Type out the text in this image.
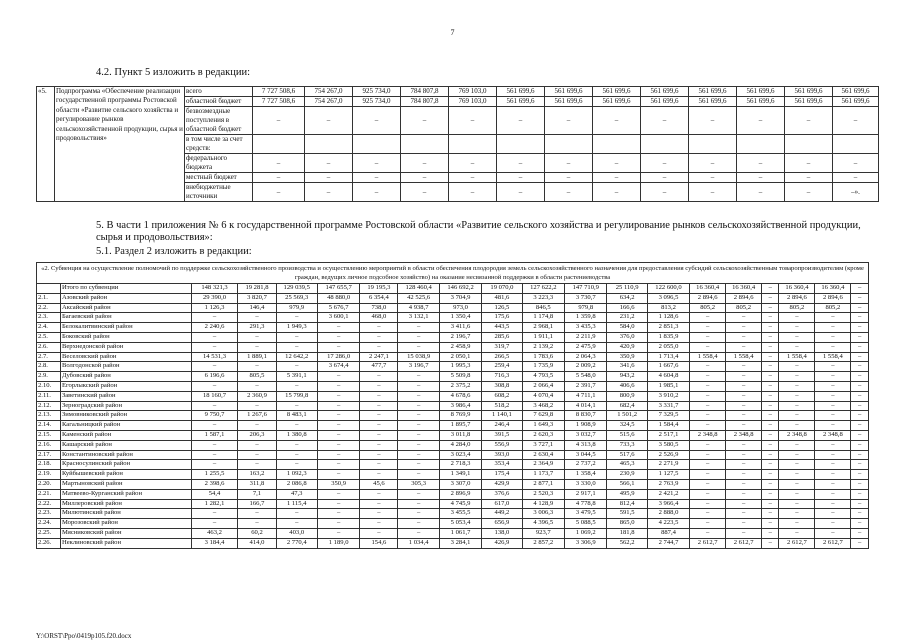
7
4.2. Пункт 5 изложить в редакции:
«5.	Подпрограмма «Обеспечение реализации государственной программы Ростовской области «Развитие сельского хозяйства и регулирование рынков сельскохозяйственной продукции, сырья и продовольствия»	всего	7 727 508,6	754 267,0	925 734,0	784 807,8	769 103,0	561 699,6	561 699,6	561 699,6	561 699,6	561 699,6	561 699,6	561 699,6	561 699,6
		областной бюджет	7 727 508,6	754 267,0	925 734,0	784 807,8	769 103,0	561 699,6	561 699,6	561 699,6	561 699,6	561 699,6	561 699,6	561 699,6	561 699,6
		безвозмездные поступления в областной бюджет	–	–	–	–	–	–	–	–	–	–	–	–	–
		в том числе за счет средств:													
		федерального бюджета	–	–	–	–	–	–	–	–	–	–	–	–	–
		местный бюджет	–	–	–	–	–	–	–	–	–	–	–	–	–
		внебюджетные источники	–	–	–	–	–	–	–	–	–	–	–	–	–».
5. В части 1 приложения № 6 к государственной программе Ростовской области «Развитие сельского хозяйства и регулирование рынков сельскохозяйственной продукции, сырья и продовольствия»:
5.1. Раздел 2 изложить в редакции:
«2. Субвенция на осуществление полномочий по поддержке сельскохозяйственного производства и осуществлению мероприятий в области обеспечения плодородия земель сельскохозяйственного назначения для предоставления субсидий сельскохозяйственным товаропроизводителям (кроме граждан, ведущих личное подсобное хозяйство) на оказание несвязанной поддержки в области растениеводства																			
	Итого по субвенции	148 321,3	19 281,8	129 039,5	147 655,7	19 195,3	128 460,4	146 692,2	19 070,0	127 622,2	147 710,9	25 110,9	122 600,0	16 360,4	16 360,4	–	16 360,4	16 360,4	–
2.1.	Азовский район	29 390,0	3 820,7	25 569,3	48 880,0	6 354,4	42 525,6	3 704,9	481,6	3 223,3	3 730,7	634,2	3 096,5	2 894,6	2 894,6	–	2 894,6	2 894,6	–
2.2.	Аксайский район	1 126,3	146,4	979,9	5 676,7	738,0	4 938,7	973,0	126,5	846,5	979,8	166,6	813,2	805,2	805,2	–	805,2	805,2	–
2.3.	Багаевский район	–	–	–	3 600,1	468,0	3 132,1	1 350,4	175,6	1 174,8	1 359,8	231,2	1 128,6	–	–	–	–	–	–
2.4.	Белокалитвинский район	2 240,6	291,3	1 949,3	–	–	–	3 411,6	443,5	2 968,1	3 435,3	584,0	2 851,3	–	–	–	–	–	–
2.5.	Боковский район	–	–	–	–	–	–	2 196,7	285,6	1 911,1	2 211,9	376,0	1 835,9	–	–	–	–	–	–
2.6.	Верхнедонской район	–	–	–	–	–	–	2 458,9	319,7	2 139,2	2 475,9	420,9	2 055,0	–	–	–	–	–	–
2.7.	Веселовский район	14 531,3	1 889,1	12 642,2	17 286,0	2 247,1	15 038,9	2 050,1	266,5	1 783,6	2 064,3	350,9	1 713,4	1 558,4	1 558,4	–	1 558,4	1 558,4	–
2.8.	Волгодонской район	–	–	–	3 674,4	477,7	3 196,7	1 995,3	259,4	1 735,9	2 009,2	341,6	1 667,6	–	–	–	–	–	–
2.9.	Дубовский район	6 196,6	805,5	5 391,1	–	–	–	5 509,8	716,3	4 793,5	5 548,0	943,2	4 604,8	–	–	–	–	–	–
2.10.	Егорлыкский район	–	–	–	–	–	–	2 375,2	308,8	2 066,4	2 391,7	406,6	1 985,1	–	–	–	–	–	–
2.11.	Заветинский район	18 160,7	2 360,9	15 799,8	–	–	–	4 678,6	608,2	4 070,4	4 711,1	800,9	3 910,2	–	–	–	–	–	–
2.12.	Зерноградский район	–	–	–	–	–	–	3 986,4	518,2	3 468,2	4 014,1	682,4	3 331,7	–	–	–	–	–	–
2.13.	Зимовниковский район	9 750,7	1 267,6	8 483,1	–	–	–	8 769,9	1 140,1	7 629,8	8 830,7	1 501,2	7 329,5	–	–	–	–	–	–
2.14.	Кагальницкий район	–	–	–	–	–	–	1 895,7	246,4	1 649,3	1 908,9	324,5	1 584,4	–	–	–	–	–	–
2.15.	Каменский район	1 587,1	206,3	1 380,8	–	–	–	3 011,8	391,5	2 620,3	3 032,7	515,6	2 517,1	2 348,8	2 348,8	–	2 348,8	2 348,8	–
2.16.	Кашарский район	–	–	–	–	–	–	4 284,0	556,9	3 727,1	4 313,8	733,3	3 580,5	–	–	–	–	–	–
2.17.	Константиновский район	–	–	–	–	–	–	3 023,4	393,0	2 630,4	3 044,5	517,6	2 526,9	–	–	–	–	–	–
2.18.	Красносулинский район	–	–	–	–	–	–	2 718,3	353,4	2 364,9	2 737,2	465,3	2 271,9	–	–	–	–	–	–
2.19.	Куйбышевский район	1 255,5	163,2	1 092,3	–	–	–	1 349,1	175,4	1 173,7	1 358,4	230,9	1 127,5	–	–	–	–	–	–
2.20.	Мартыновский район	2 398,6	311,8	2 086,8	350,9	45,6	305,3	3 307,0	429,9	2 877,1	3 330,0	566,1	2 763,9	–	–	–	–	–	–
2.21.	Матвеево-Курганский район	54,4	7,1	47,3	–	–	–	2 896,9	376,6	2 520,3	2 917,1	495,9	2 421,2	–	–	–	–	–	–
2.22.	Миллеровский район	1 282,1	166,7	1 115,4	–	–	–	4 745,9	617,0	4 128,9	4 778,8	812,4	3 966,4	–	–	–	–	–	–
2.23.	Милютинский район	–	–	–	–	–	–	3 455,5	449,2	3 006,3	3 479,5	591,5	2 888,0	–	–	–	–	–	–
2.24.	Морозовский район	–	–	–	–	–	–	5 053,4	656,9	4 396,5	5 088,5	865,0	4 223,5	–	–	–	–	–	–
2.25.	Мясниковский район	463,2	60,2	403,0	–	–	–	1 061,7	138,0	923,7	1 069,2	181,8	887,4	–	–	–	–	–	–
2.26.	Неклиновский район	3 184,4	414,0	2 770,4	1 189,0	154,6	1 034,4	3 284,1	426,9	2 857,2	3 306,9	562,2	2 744,7	2 612,7	2 612,7	–	2 612,7	2 612,7	–
Y:\ORST\Ppo\0419p105.f20.docx
